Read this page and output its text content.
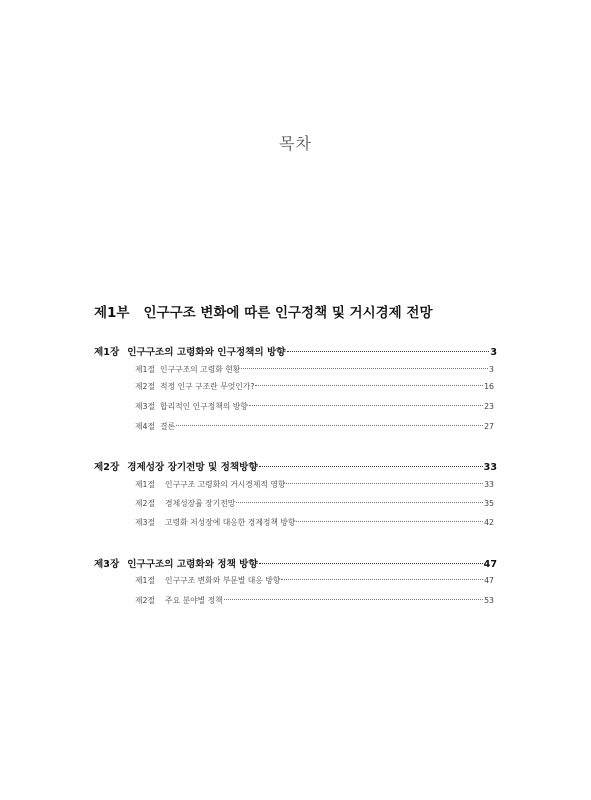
목차
제1부 인구구조 변화에 따른 인구정책 및 거시경제 전망
제1장 인구구조의 고령화와 인구정책의 방향	3
제1절 인구구조의 고령화 현황	3
제2절 적정 인구 구조란 무엇인가?	16
제3절 합리적인 인구정책의 방향	23
제4절 결론	27
제2장 경제성장 장기전망 및 정책방향	33
제1절 인구구조 고령화의 거시경제적 영향	33
제2절 경제성장률 장기전망	35
제3절 고령화 저성장에 대응한 경제정책 방향	42
제3장 인구구조의 고령화와 정책 방향	47
제1절 인구구조 변화와 부문별 대응 방향	47
제2절 주요 분야별 정책	53
